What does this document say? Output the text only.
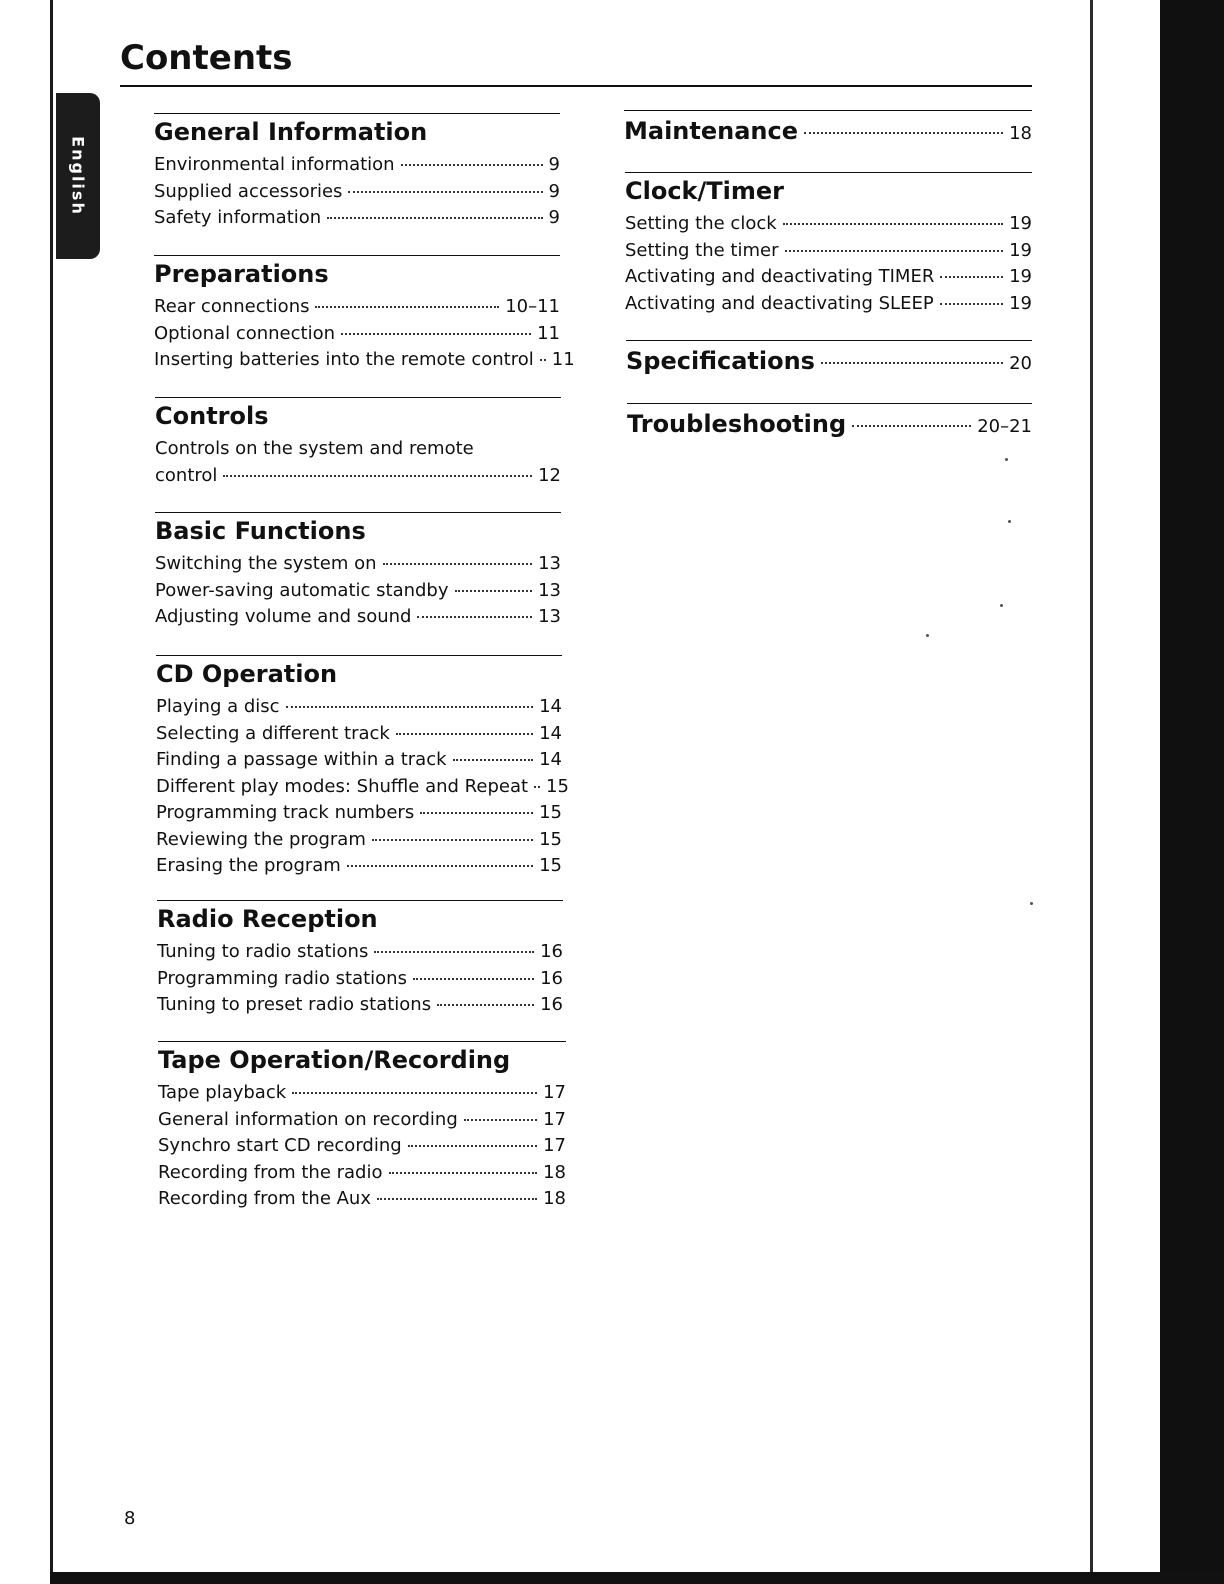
Contents
English
General Information
Environmental information	9
Supplied accessories	9
Safety information	9
Preparations
Rear connections	10–11
Optional connection	11
Inserting batteries into the remote control 11
Controls
Controls on the system and remote
control	12
Basic Functions
Switching the system on	13
Power-saving automatic standby	13
Adjusting volume and sound	13
CD Operation
Playing a disc	14
Selecting a different track	14
Finding a passage within a track	14
Different play modes: Shuffle and Repeat 15
Programming track numbers	15
Reviewing the program	15
Erasing the program	15
Radio Reception
Tuning to radio stations	16
Programming radio stations	16
Tuning to preset radio stations	16
Tape Operation/Recording
Tape playback	17
General information on recording	17
Synchro start CD recording	17
Recording from the radio	18
Recording from the Aux	18
Maintenance	18
Clock/Timer
Setting the clock	19
Setting the timer	19
Activating and deactivating TIMER	19
Activating and deactivating SLEEP	19
Specifications	20
Troubleshooting	20–21
8
